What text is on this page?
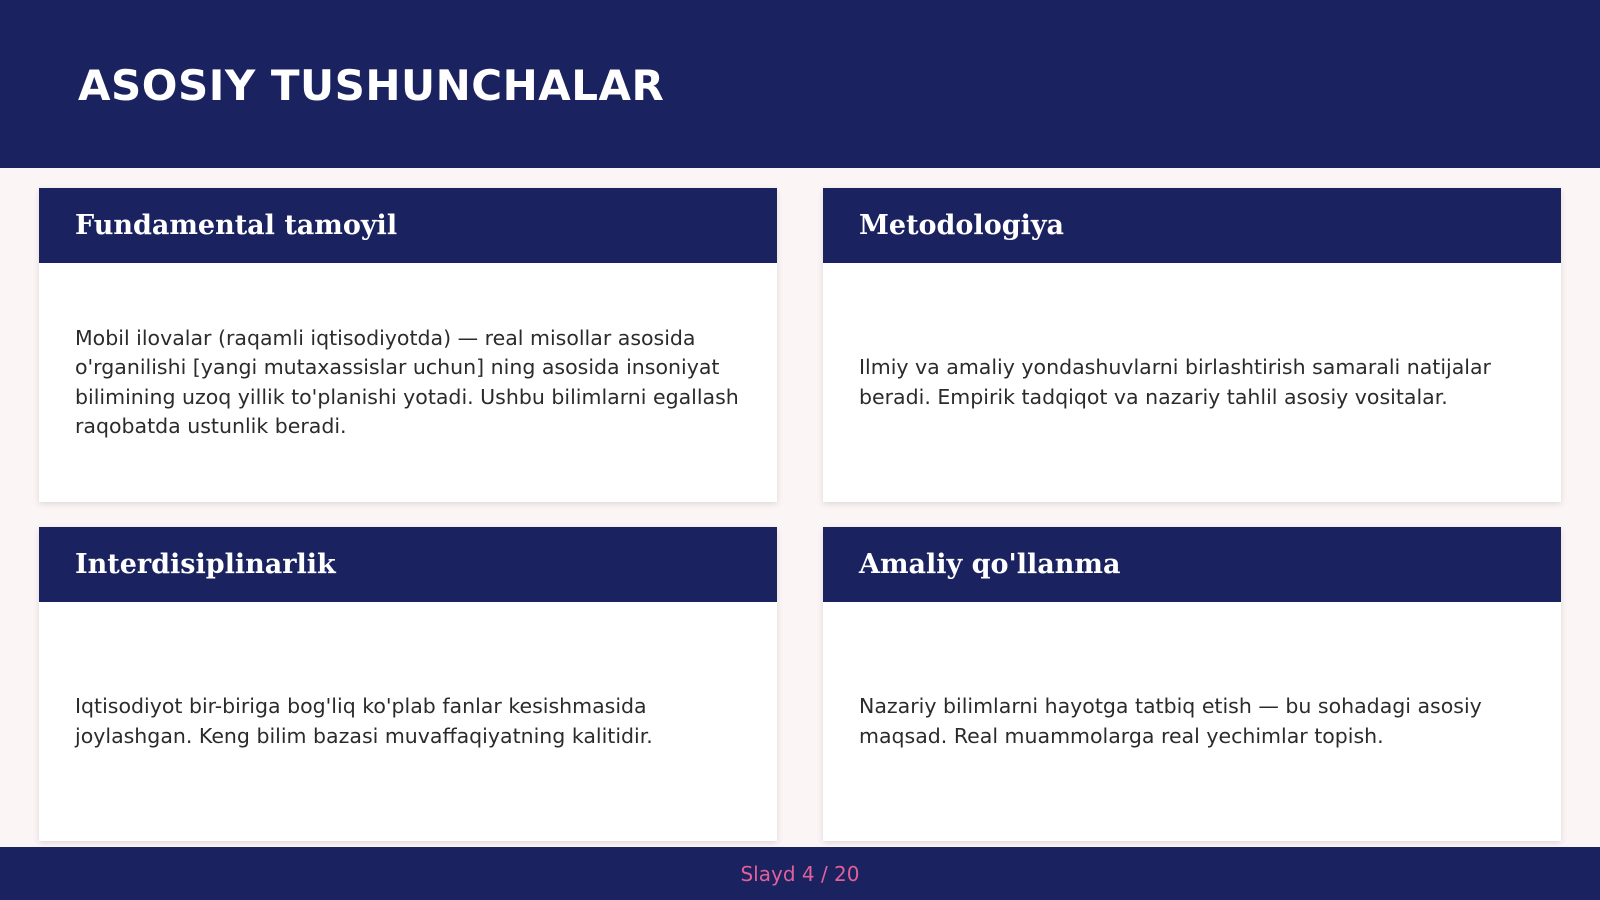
ASOSIY TUSHUNCHALAR
Fundamental tamoyil

Mobil ilovalar (raqamli iqtisodiyotda) — real misollar asosida o'rganilishi [yangi mutaxassislar uchun] ning asosida insoniyat bilimining uzoq yillik to'planishi yotadi. Ushbu bilimlarni egallash raqobatda ustunlik beradi.

Metodologiya

Ilmiy va amaliy yondashuvlarni birlashtirish samarali natijalar beradi. Empirik tadqiqot va nazariy tahlil asosiy vositalar.

Interdisiplinarlik

Iqtisodiyot bir-biriga bog'liq ko'plab fanlar kesishmasida joylashgan. Keng bilim bazasi muvaffaqiyatning kalitidir.

Amaliy qo'llanma

Nazariy bilimlarni hayotga tatbiq etish — bu sohadagi asosiy maqsad. Real muammolarga real yechimlar topish.

Slayd 4 / 20
